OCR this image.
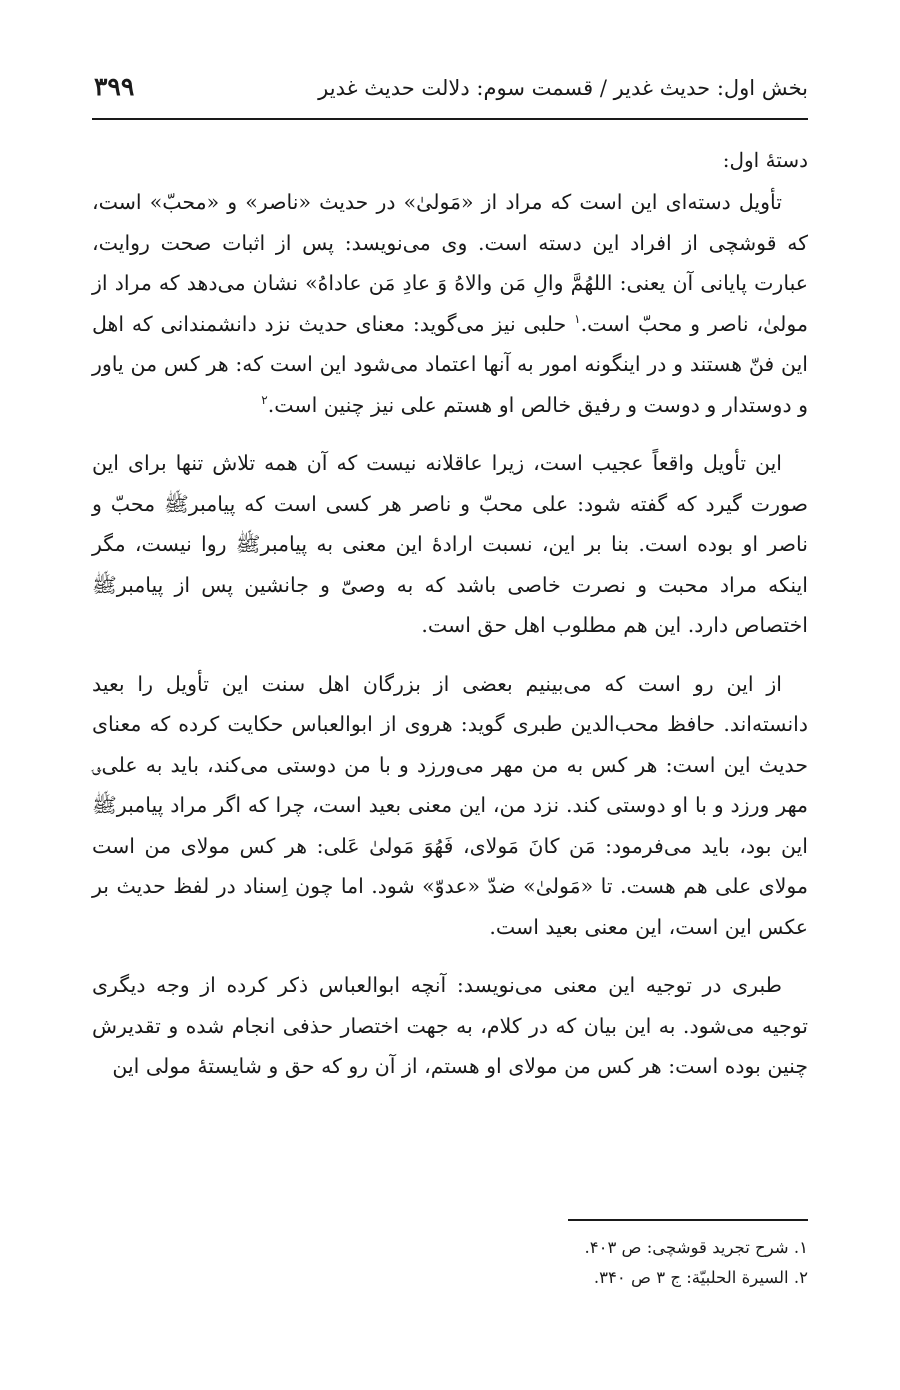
بخش اول: حدیث غدیر / قسمت سوم: دلالت حدیث غدیر
۳۹۹

دستهٔ اول:

تأویل دسته‌ای این است که مراد از «مَولیٰ» در حدیث «ناصر» و «محبّ» است، که قوشچی از افراد این دسته است. وی می‌نویسد: پس از اثبات صحت روایت، عبارت پایانی آن یعنی: اللهُمَّ والِ مَن والاهُ وَ عادِ مَن عاداهُ» نشان می‌دهد که مراد از مولیٰ، ناصر و محبّ است.$^۱$ حلبی نیز می‌گوید: معنای حدیث نزد دانشمندانی که اهل این فنّ هستند و در اینگونه امور به آنها اعتماد می‌شود این است که: هر کس من یاور و دوستدار و دوست و رفیق خالص او هستم علی نیز چنین است.$^۲$

این تأویل واقعاً عجیب است، زیرا عاقلانه نیست که آن همه تلاش تنها برای این صورت گیرد که گفته شود: علی محبّ و ناصر هر کسی است که پیامبرﷺ محبّ و ناصر او بوده است. بنا بر این، نسبت ارادهٔ این معنی به پیامبرﷺ روا نیست، مگر اینکه مراد محبت و نصرت خاصی باشد که به وصیّ و جانشین پس از پیامبرﷺ اختصاص دارد. این هم مطلوب اهل حق است.

از این رو است که می‌بینیم بعضی از بزرگان اهل سنت این تأویل را بعید دانسته‌اند. حافظ محب‌الدین طبری گوید: هروی از ابوالعباس حکایت کرده که معنای حدیث این است: هر کس به من مهر می‌ورزد و با من دوستی می‌کند، باید به علی؈ مهر ورزد و با او دوستی کند. نزد من، این معنی بعید است، چرا که اگر مراد پیامبرﷺ این بود، باید می‌فرمود: مَن کانَ مَولای، فَهُوَ مَولیٰ عَلی: هر کس مولای من است مولای علی هم هست. تا «مَولیٰ» ضدّ «عدوّ» شود. اما چون اِسناد در لفظ حدیث بر عکس این است، این معنی بعید است.

طبری در توجیه این معنی می‌نویسد: آنچه ابوالعباس ذکر کرده از وجه دیگری توجیه می‌شود. به این بیان که در کلام، به جهت اختصار حذفی انجام شده و تقدیرش چنین بوده است: هر کس من مولای او هستم، از آن رو که حق و شایستهٔ مولی این

۱. شرح تجرید قوشچی: ص ۴۰۳.

۲. السیرة الحلبیّة: ج ۳ ص ۳۴۰.
